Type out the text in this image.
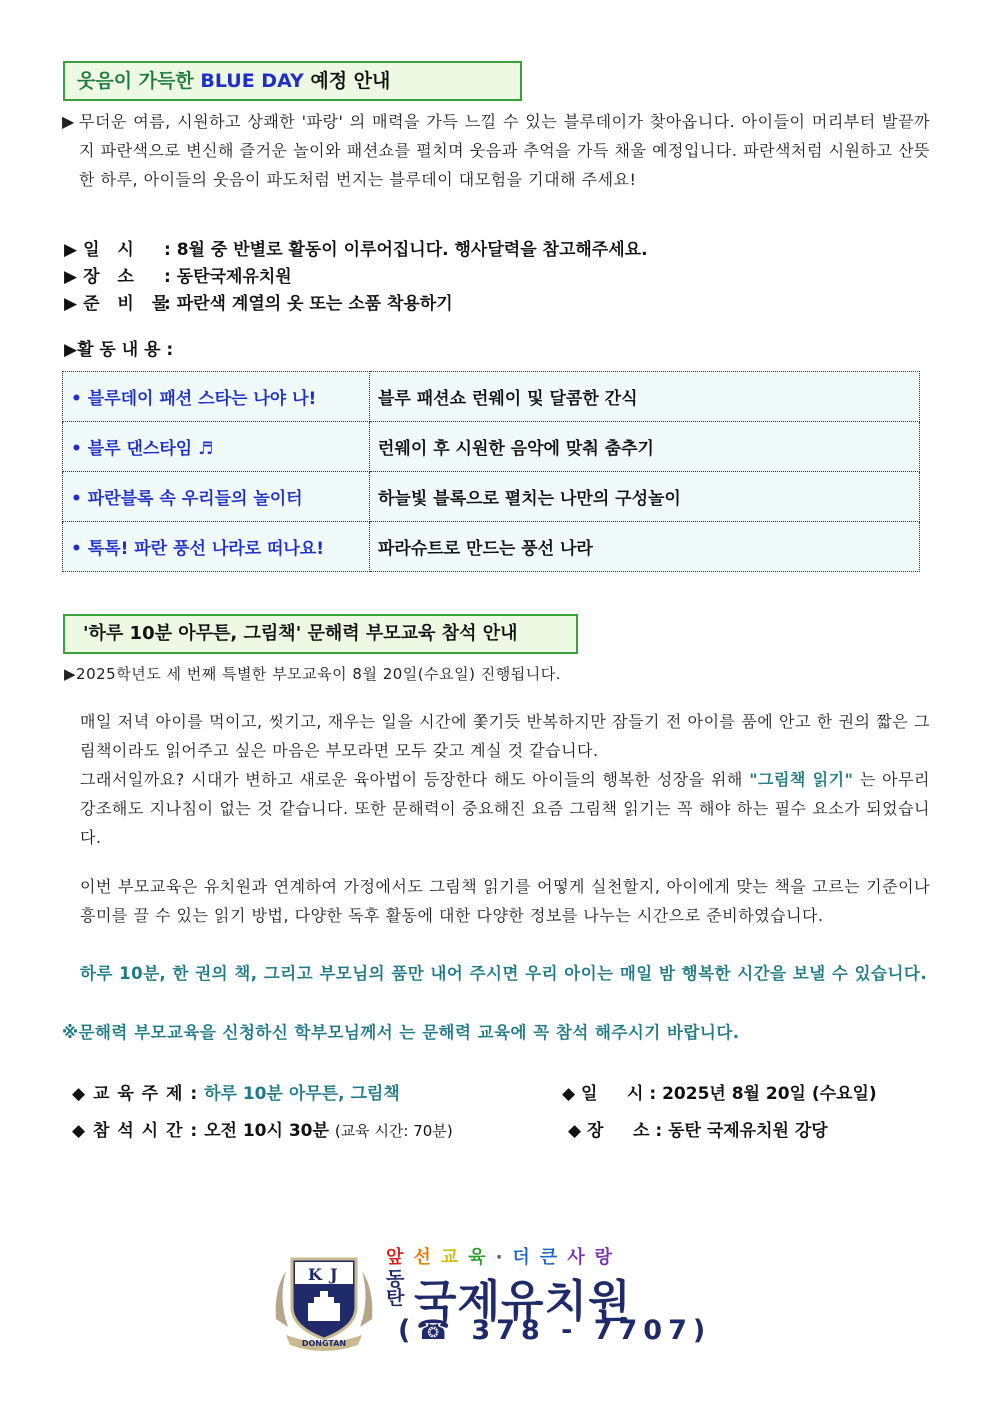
웃음이 가득한 BLUE DAY 예정 안내
▶ 무더운 여름, 시원하고 상쾌한 '파랑' 의 매력을 가득 느낄 수 있는 블루데이가 찾아옵니다. 아이들이 머리부터 발끝까지 파란색으로 변신해 즐거운 놀이와 패션쇼를 펼치며 웃음과 추억을 가득 채울 예정입니다. 파란색처럼 시원하고 산뜻한 하루, 아이들의 웃음이 파도처럼 번지는 블루데이 대모험을 기대해 주세요!
▶일 시 : 8월 중 반별로 활동이 이루어집니다. 행사달력을 참고해주세요.
▶장 소 : 동탄국제유치원
▶준 비 물: 파란색 계열의 옷 또는 소품 착용하기
▶활 동 내 용 :
• 블루데이 패션 스타는 나야 나!	블루 패션쇼 런웨이 및 달콤한 간식
• 블루 댄스타임 ♬	런웨이 후 시원한 음악에 맞춰 춤추기
• 파란블록 속 우리들의 놀이터	하늘빛 블록으로 펼치는 나만의 구성놀이
• 톡톡! 파란 풍선 나라로 떠나요!	파라슈트로 만드는 풍선 나라
'하루 10분 아무튼, 그림책' 문해력 부모교육 참석 안내
▶2025학년도 세 번째 특별한 부모교육이 8월 20일(수요일) 진행됩니다.
매일 저녁 아이를 먹이고, 씻기고, 재우는 일을 시간에 쫓기듯 반복하지만 잠들기 전 아이를 품에 안고 한 권의 짧은 그림책이라도 읽어주고 싶은 마음은 부모라면 모두 갖고 계실 것 같습니다.
그래서일까요? 시대가 변하고 새로운 육아법이 등장한다 해도 아이들의 행복한 성장을 위해 "그림책 읽기" 는 아무리 강조해도 지나침이 없는 것 같습니다. 또한 문해력이 중요해진 요즘 그림책 읽기는 꼭 해야 하는 필수 요소가 되었습니다.
이번 부모교육은 유치원과 연계하여 가정에서도 그림책 읽기를 어떻게 실천할지, 아이에게 맞는 책을 고르는 기준이나 흥미를 끌 수 있는 읽기 방법, 다양한 독후 활동에 대한 다양한 정보를 나누는 시간으로 준비하였습니다.
하루 10분, 한 권의 책, 그리고 부모님의 품만 내어 주시면 우리 아이는 매일 밤 행복한 시간을 보낼 수 있습니다.
※문해력 부모교육을 신청하신 학부모님께서 는 문해력 교육에 꼭 참석 해주시기 바랍니다.
◆ 교 육 주 제 : 하루 10분 아무튼, 그림책	◆ 일     시 : 2025년 8월 20일 (수요일)
◆ 참 석 시 간 : 오전 10시 30분 (교육 시간: 70분)	◆ 장     소 : 동탄 국제유치원 강당
K J
DONGTAN
앞 선 교 육 · 더 큰 사 랑
동탄 국제유치원
(☎ 378 - 7707)
